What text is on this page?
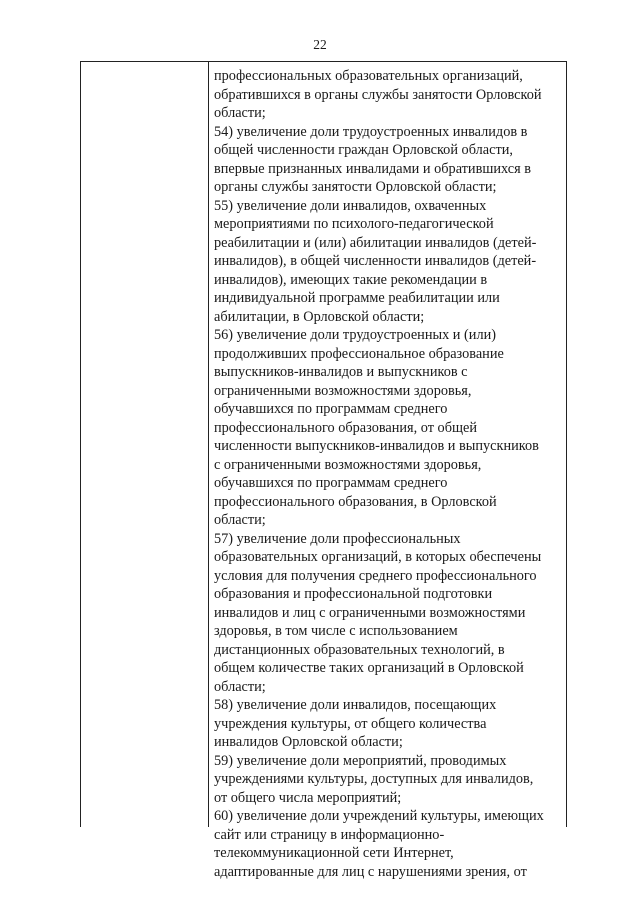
22
профессиональных образовательных организаций,
обратившихся в органы службы занятости Орловской
области;
54) увеличение доли трудоустроенных инвалидов в
общей численности граждан Орловской области,
впервые признанных инвалидами и обратившихся в
органы службы занятости Орловской области;
55) увеличение доли инвалидов, охваченных
мероприятиями по психолого-педагогической
реабилитации и (или) абилитации инвалидов (детей-
инвалидов), в общей численности инвалидов (детей-
инвалидов), имеющих такие рекомендации в
индивидуальной программе реабилитации или
абилитации, в Орловской области;
56) увеличение доли трудоустроенных и (или)
продолживших профессиональное образование
выпускников-инвалидов и выпускников с
ограниченными возможностями здоровья,
обучавшихся по программам среднего
профессионального образования, от общей
численности выпускников-инвалидов и выпускников
с ограниченными возможностями здоровья,
обучавшихся по программам среднего
профессионального образования, в Орловской
области;
57) увеличение доли профессиональных
образовательных организаций, в которых обеспечены
условия для получения среднего профессионального
образования и профессиональной подготовки
инвалидов и лиц с ограниченными возможностями
здоровья, в том числе с использованием
дистанционных образовательных технологий, в
общем количестве таких организаций в Орловской
области;
58) увеличение доли инвалидов, посещающих
учреждения культуры, от общего количества
инвалидов Орловской области;
59) увеличение доли мероприятий, проводимых
учреждениями культуры, доступных для инвалидов,
от общего числа мероприятий;
60) увеличение доли учреждений культуры, имеющих
сайт или страницу в информационно-
телекоммуникационной сети Интернет,
адаптированные для лиц с нарушениями зрения, от
